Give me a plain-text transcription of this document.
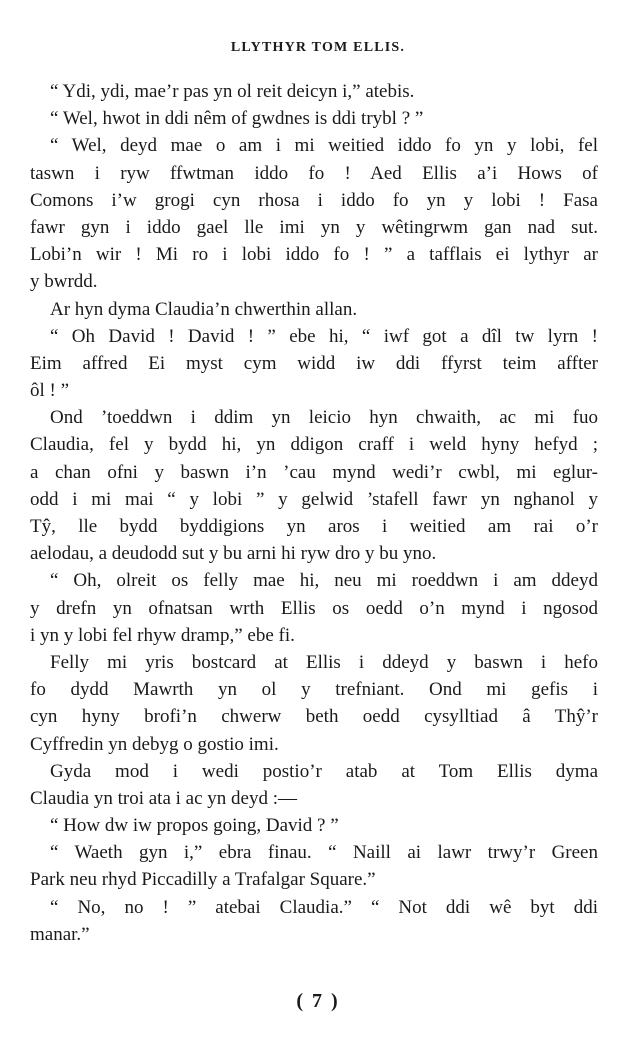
LLYTHYR TOM ELLIS.
“ Ydi, ydi, mae’r pas yn ol reit deicyn i,” atebis.
“ Wel, hwot in ddi nêm of gwdnes is ddi trybl ? ”
“ Wel, deyd mae o am i mi weitied iddo fo yn y lobi, fel
taswn i ryw ffwtman iddo fo ! Aed Ellis a’i Hows of
Comons i’w grogi cyn rhosa i iddo fo yn y lobi ! Fasa
fawr gyn i iddo gael lle imi yn y wêtingrwm gan nad sut.
Lobi’n wir ! Mi ro i lobi iddo fo ! ” a tafflais ei lythyr ar
y bwrdd.
Ar hyn dyma Claudia’n chwerthin allan.
“ Oh David ! David ! ” ebe hi, “ iwf got a dîl tw lyrn !
Eim affred Ei myst cym widd iw ddi ffyrst teim affter
ôl ! ”
Ond ’toeddwn i ddim yn leicio hyn chwaith, ac mi fuo
Claudia, fel y bydd hi, yn ddigon craff i weld hyny hefyd ;
a chan ofni y baswn i’n ’cau mynd wedi’r cwbl, mi eglur-
odd i mi mai “ y lobi ” y gelwid ’stafell fawr yn nghanol y
Tŷ, lle bydd byddigions yn aros i weitied am rai o’r
aelodau, a deudodd sut y bu arni hi ryw dro y bu yno.
“ Oh, olreit os felly mae hi, neu mi roeddwn i am ddeyd
y drefn yn ofnatsan wrth Ellis os oedd o’n mynd i ngosod
i yn y lobi fel rhyw dramp,” ebe fi.
Felly mi yris bostcard at Ellis i ddeyd y baswn i hefo
fo dydd Mawrth yn ol y trefniant. Ond mi gefis i
cyn hyny brofi’n chwerw beth oedd cysylltiad â Thŷ’r
Cyffredin yn debyg o gostio imi.
Gyda mod i wedi postio’r atab at Tom Ellis dyma
Claudia yn troi ata i ac yn deyd :—
“ How dw iw propos going, David ? ”
“ Waeth gyn i,” ebra finau. “ Naill ai lawr trwy’r Green
Park neu rhyd Piccadilly a Trafalgar Square.”
“ No, no ! ” atebai Claudia.” “ Not ddi wê byt ddi
manar.”
( 7 )
